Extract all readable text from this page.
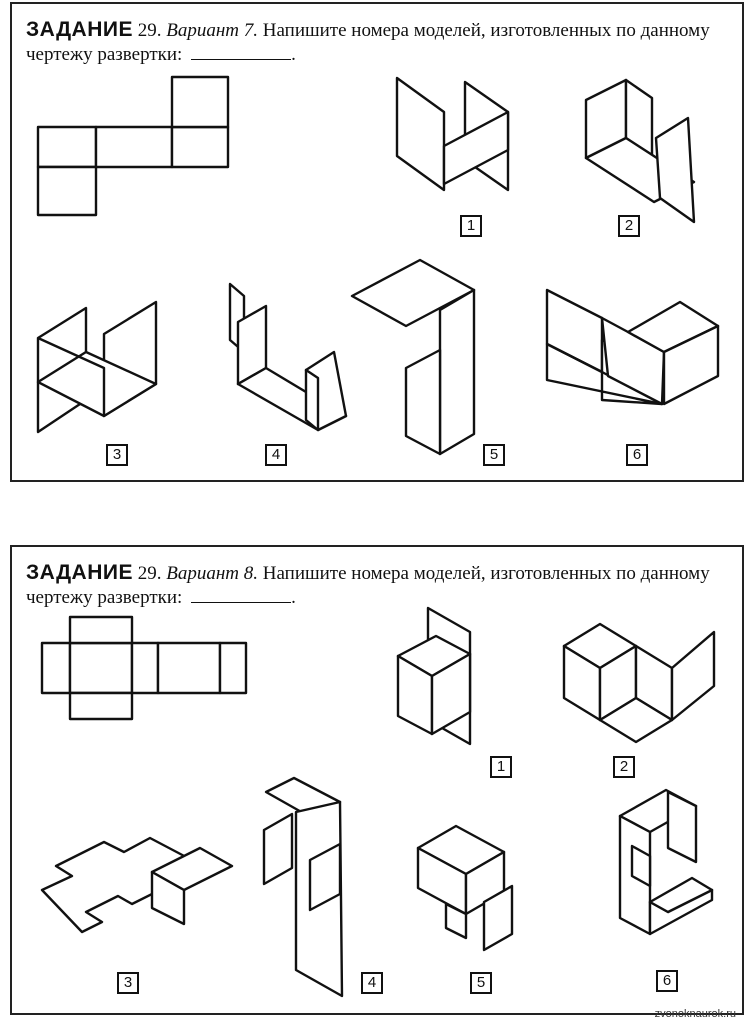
ЗАДАНИЕ 29. Вариант 7. Напишите номера моделей, изготовленных по данному чертежу развертки:	.
ЗАДАНИЕ 29. Вариант 8. Напишите номера моделей, изготовленных по данному чертежу развертки:	.
1	2
3	4	5	6
1	2
3	4	5	6
zvonoknaurok.ru
